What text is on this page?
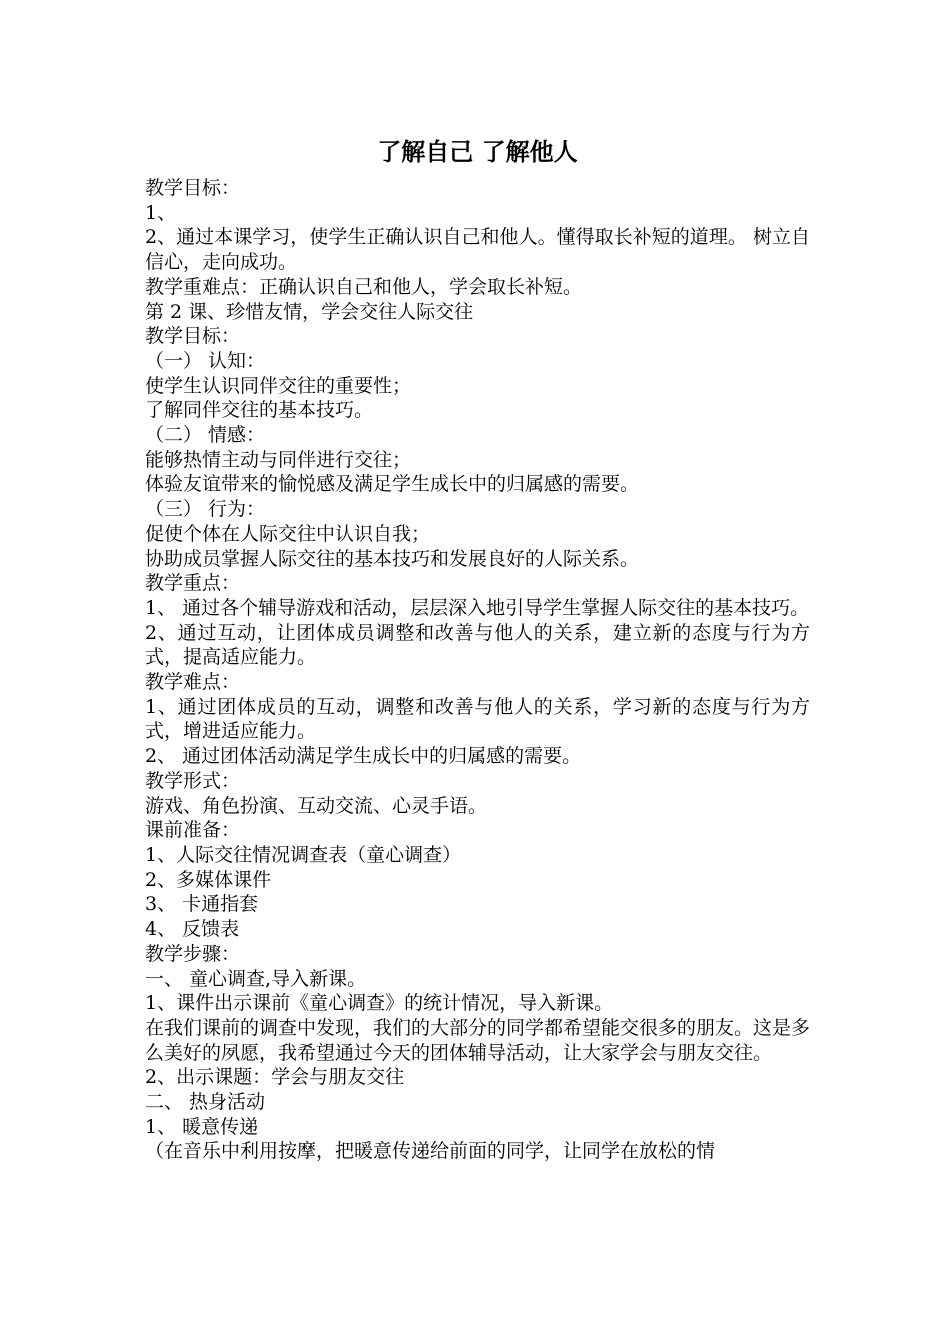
了解自己 了解他人
教学目标：
1、
2、通过本课学习，使学生正确认识自己和他人。懂得取长补短的道理。 树立自信心，走向成功。
教学重难点：正确认识自己和他人，学会取长补短。
第 2 课、珍惜友情，学会交往人际交往
教学目标：
（一） 认知：
使学生认识同伴交往的重要性；
了解同伴交往的基本技巧。
（二） 情感：
能够热情主动与同伴进行交往；
体验友谊带来的愉悦感及满足学生成长中的归属感的需要。
（三） 行为：
促使个体在人际交往中认识自我；
协助成员掌握人际交往的基本技巧和发展良好的人际关系。
教学重点：
1、 通过各个辅导游戏和活动，层层深入地引导学生掌握人际交往的基本技巧。
2、通过互动，让团体成员调整和改善与他人的关系，建立新的态度与行为方式，提高适应能力。
教学难点：
1、通过团体成员的互动，调整和改善与他人的关系，学习新的态度与行为方式，增进适应能力。
2、 通过团体活动满足学生成长中的归属感的需要。
教学形式：
游戏、角色扮演、互动交流、心灵手语。
课前准备：
1、人际交往情况调查表（童心调查）
2、多媒体课件
3、 卡通指套
4、 反馈表
教学步骤：
一、 童心调查,导入新课。
1、课件出示课前《童心调查》的统计情况，导入新课。
在我们课前的调查中发现，我们的大部分的同学都希望能交很多的朋友。这是多么美好的夙愿，我希望通过今天的团体辅导活动，让大家学会与朋友交往。
2、出示课题：学会与朋友交往
二、 热身活动
1、 暖意传递
（在音乐中利用按摩，把暖意传递给前面的同学，让同学在放松的情
